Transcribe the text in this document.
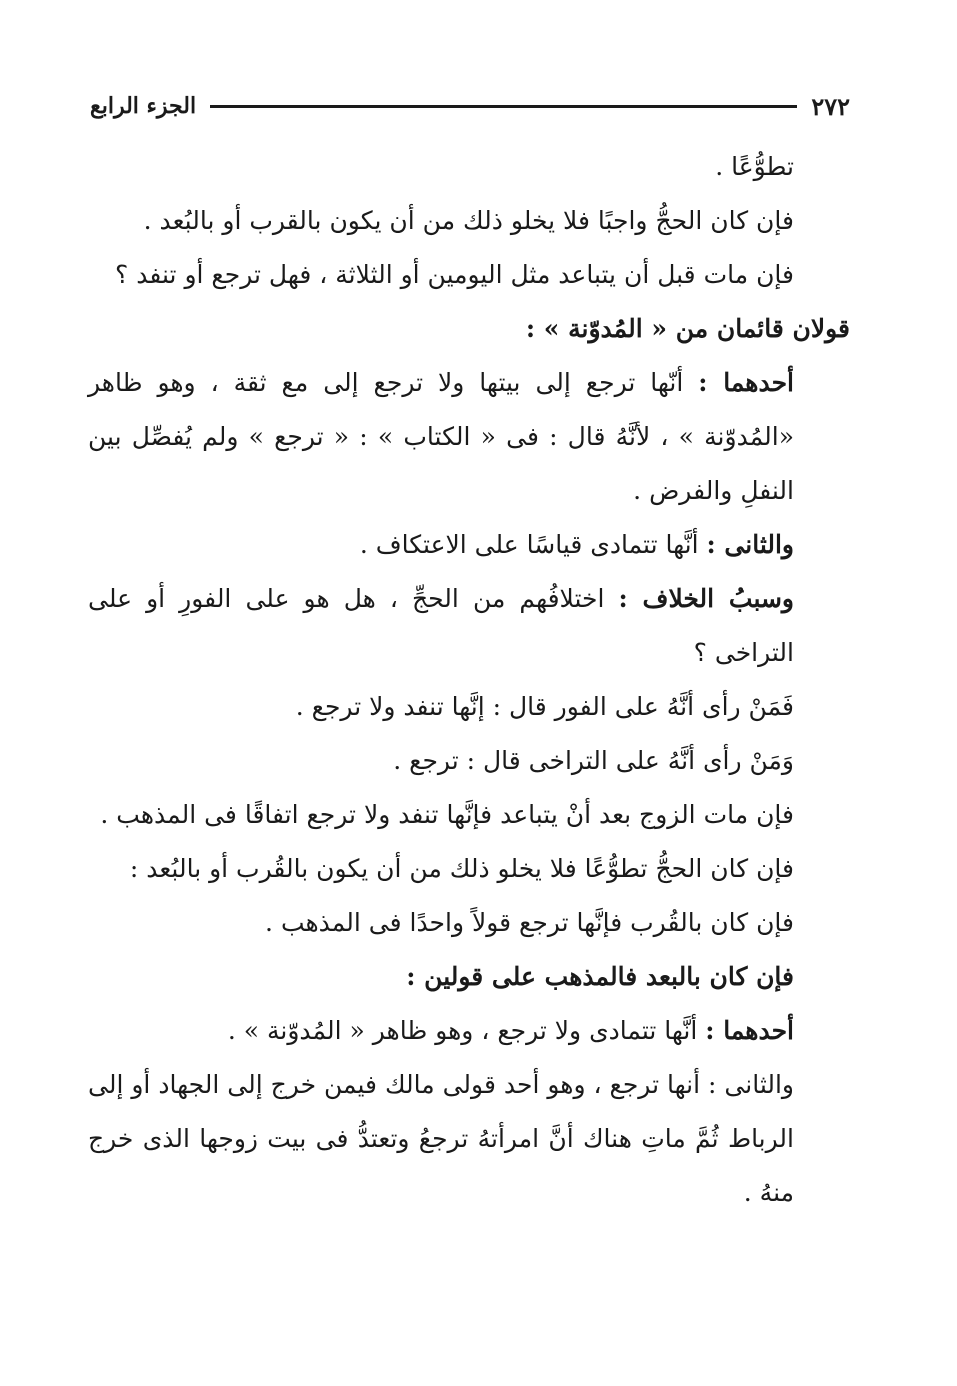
٢٧٢
الجزء الرابع

تطوُّعًا .

فإن كان الحجُّ واجبًا فلا يخلو ذلك من أن يكون بالقرب أو بالبُعد .

فإن مات قبل أن يتباعد مثل اليومين أو الثلاثة ، فهل ترجع أو تنفد ؟

قولان قائمان من « المُدوّنة » :

أحدهما : أنّها ترجع إلى بيتها ولا ترجع إلى مع ثقة ، وهو ظاهر «المُدوّنة » ، لأنَّهُ قال : فى « الكتاب » : « ترجع » ولم يُفصِّل بين النفلِ والفرض .

والثانى : أنَّها تتمادى قياسًا على الاعتكاف .

وسببُ الخلاف : اختلافُهم من الحجِّ ، هل هو على الفورِ أو على التراخى ؟

فَمَنْ رأى أنَّهُ على الفور قال : إنَّها تنفد ولا ترجع .

وَمَنْ رأى أنَّهُ على التراخى قال : ترجع .

فإن مات الزوج بعد أنْ يتباعد فإنَّها تنفد ولا ترجع اتفاقًا فى المذهب .

فإن كان الحجُّ تطوُّعًا فلا يخلو ذلك من أن يكون بالقُرب أو بالبُعد :

فإن كان بالقُرب فإنَّها ترجع قولاً واحدًا فى المذهب .

فإن كان بالبعد فالمذهب على قولين :

أحدهما : أنَّها تتمادى ولا ترجع ، وهو ظاهر « المُدوّنة » .

والثانى : أنها ترجع ، وهو أحد قولى مالك فيمن خرج إلى الجهاد أو إلى الرباط ثُمَّ ماتِ هناك أنَّ امرأتهُ ترجعُ وتعتدُّ فى بيت زوجها الذى خرج منهُ .
